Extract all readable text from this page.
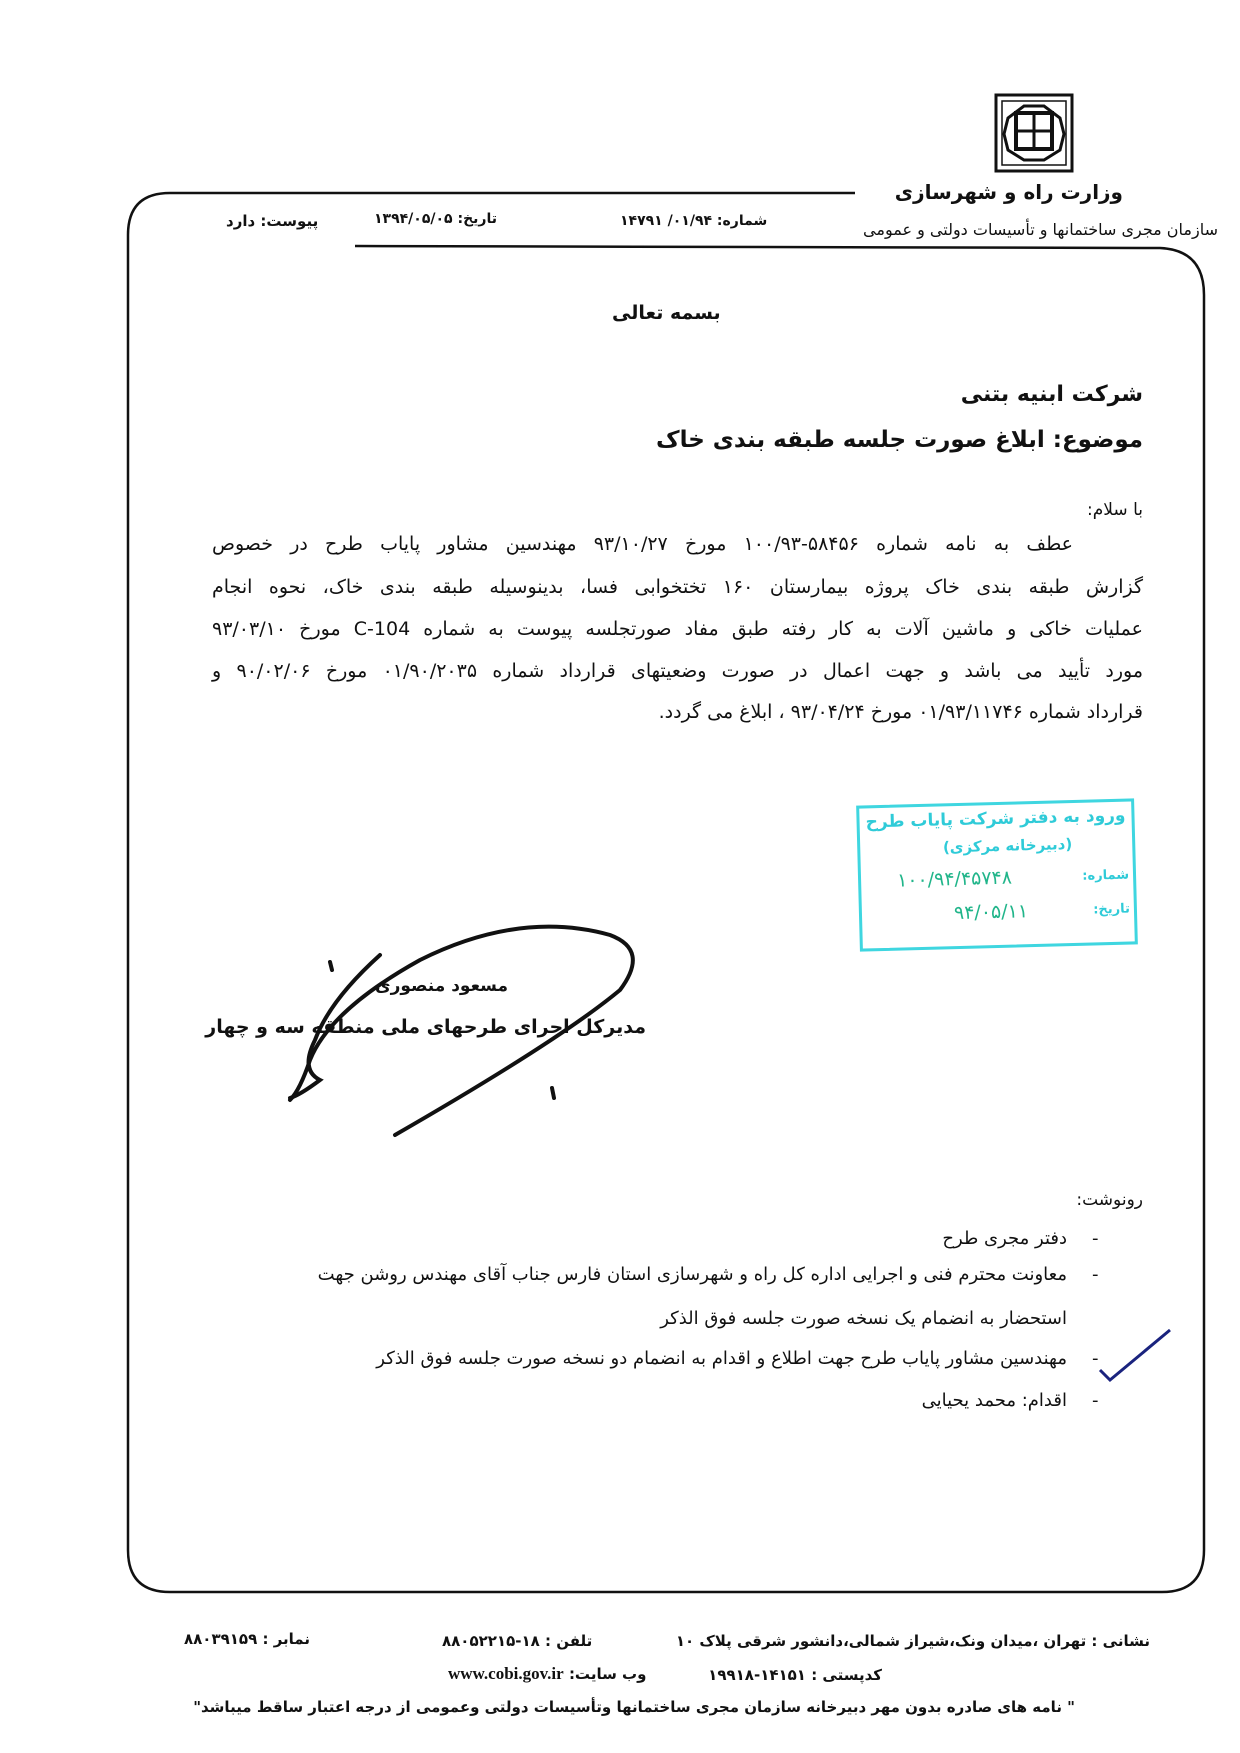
وزارت راه و شهرسازی
سازمان مجری ساختمانها و تأسیسات دولتی و عمومی
شماره: ۰۱/۹۴/ ۱۴۷۹۱
تاریخ: ۱۳۹۴/۰۵/۰۵
پیوست: دارد
بسمه تعالی
شرکت ابنیه بتنی
موضوع: ابلاغ صورت جلسه طبقه بندی خاک
با سلام:
عطف به نامه شماره ۵۸۴۵۶-۱۰۰/۹۳ مورخ ۹۳/۱۰/۲۷ مهندسین مشاور پایاب طرح در خصوص
گزارش طبقه بندی خاک پروژه بیمارستان ۱۶۰ تختخوابی فسا، بدینوسیله طبقه بندی خاک، نحوه انجام
عملیات خاکی و ماشین آلات به کار رفته طبق مفاد صورتجلسه پیوست به شماره C-104 مورخ ۹۳/۰۳/۱۰
مورد تأیید می باشد و جهت اعمال در صورت وضعیتهای قرارداد شماره ۰۱/۹۰/۲۰۳۵ مورخ ۹۰/۰۲/۰۶ و
قرارداد شماره ۰۱/۹۳/۱۱۷۴۶ مورخ ۹۳/۰۴/۲۴ ، ابلاغ می گردد.
ورود به دفتر شرکت پایاب طرح
(دبیرخانه مرکزی)
شماره:
۱۰۰/۹۴/۴۵۷۴۸
تاریخ:
۹۴/۰۵/۱۱
مسعود منصوری
مدیرکل اجرای طرحهای ملی منطقه سه و چهار
رونوشت:
-
دفتر مجری طرح
-
معاونت محترم فنی و اجرایی اداره کل راه و شهرسازی استان فارس جناب آقای مهندس روشن جهت
استحضار به انضمام یک نسخه صورت جلسه فوق الذکر
-
مهندسین مشاور پایاب طرح جهت اطلاع و اقدام به انضمام دو نسخه صورت جلسه فوق الذکر
-
اقدام: محمد یحیایی
نشانی : تهران ،میدان ونک،شیراز شمالی،دانشور شرقی پلاک ۱۰
تلفن : ۱۸-۸۸۰۵۲۲۱۵
نمابر : ۸۸۰۳۹۱۵۹
کدپستی : ۱۴۱۵۱-۱۹۹۱۸
www.cobi.gov.ir وب سایت:
" نامه های صادره بدون مهر دبیرخانه سازمان مجری ساختمانها وتأسیسات دولتی وعمومی از درجه اعتبار ساقط میباشد"
